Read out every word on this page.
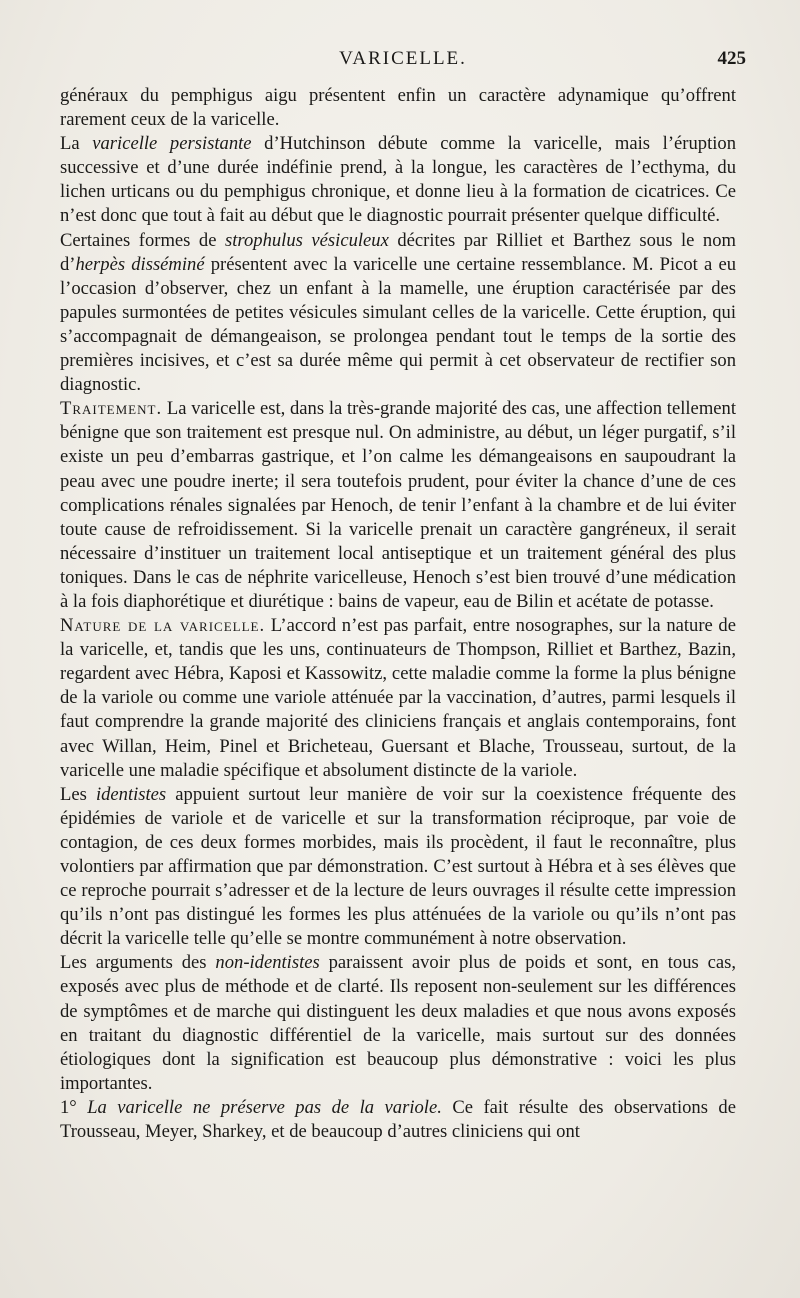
VARICELLE.	425

généraux du pemphigus aigu présentent enfin un caractère adynamique qu’offrent rarement ceux de la varicelle.

La varicelle persistante d’Hutchinson débute comme la varicelle, mais l’éruption successive et d’une durée indéfinie prend, à la longue, les caractères de l’ecthyma, du lichen urticans ou du pemphigus chronique, et donne lieu à la formation de cicatrices. Ce n’est donc que tout à fait au début que le diagnostic pourrait présenter quelque difficulté.

Certaines formes de strophulus vésiculeux décrites par Rilliet et Barthez sous le nom d’herpès disséminé présentent avec la varicelle une certaine ressemblance. M. Picot a eu l’occasion d’observer, chez un enfant à la mamelle, une éruption caractérisée par des papules surmontées de petites vésicules simulant celles de la varicelle. Cette éruption, qui s’accompagnait de démangeaison, se prolongea pendant tout le temps de la sortie des premières incisives, et c’est sa durée même qui permit à cet observateur de rectifier son diagnostic.

Traitement. La varicelle est, dans la très-grande majorité des cas, une affection tellement bénigne que son traitement est presque nul. On administre, au début, un léger purgatif, s’il existe un peu d’embarras gastrique, et l’on calme les démangeaisons en saupoudrant la peau avec une poudre inerte; il sera toutefois prudent, pour éviter la chance d’une de ces complications rénales signalées par Henoch, de tenir l’enfant à la chambre et de lui éviter toute cause de refroidissement. Si la varicelle prenait un caractère gangréneux, il serait nécessaire d’instituer un traitement local antiseptique et un traitement général des plus toniques. Dans le cas de néphrite varicelleuse, Henoch s’est bien trouvé d’une médication à la fois diaphorétique et diurétique : bains de vapeur, eau de Bilin et acétate de potasse.

Nature de la varicelle. L’accord n’est pas parfait, entre nosographes, sur la nature de la varicelle, et, tandis que les uns, continuateurs de Thompson, Rilliet et Barthez, Bazin, regardent avec Hébra, Kaposi et Kassowitz, cette maladie comme la forme la plus bénigne de la variole ou comme une variole atténuée par la vaccination, d’autres, parmi lesquels il faut comprendre la grande majorité des cliniciens français et anglais contemporains, font avec Willan, Heim, Pinel et Bricheteau, Guersant et Blache, Trousseau, surtout, de la varicelle une maladie spécifique et absolument distincte de la variole.

Les identistes appuient surtout leur manière de voir sur la coexistence fréquente des épidémies de variole et de varicelle et sur la transformation réciproque, par voie de contagion, de ces deux formes morbides, mais ils procèdent, il faut le reconnaître, plus volontiers par affirmation que par démonstration. C’est surtout à Hébra et à ses élèves que ce reproche pourrait s’adresser et de la lecture de leurs ouvrages il résulte cette impression qu’ils n’ont pas distingué les formes les plus atténuées de la variole ou qu’ils n’ont pas décrit la varicelle telle qu’elle se montre communément à notre observation.

Les arguments des non-identistes paraissent avoir plus de poids et sont, en tous cas, exposés avec plus de méthode et de clarté. Ils reposent non-seulement sur les différences de symptômes et de marche qui distinguent les deux maladies et que nous avons exposés en traitant du diagnostic différentiel de la varicelle, mais surtout sur des données étiologiques dont la signification est beaucoup plus démonstrative : voici les plus importantes.

1° La varicelle ne préserve pas de la variole. Ce fait résulte des observations de Trousseau, Meyer, Sharkey, et de beaucoup d’autres cliniciens qui ont
